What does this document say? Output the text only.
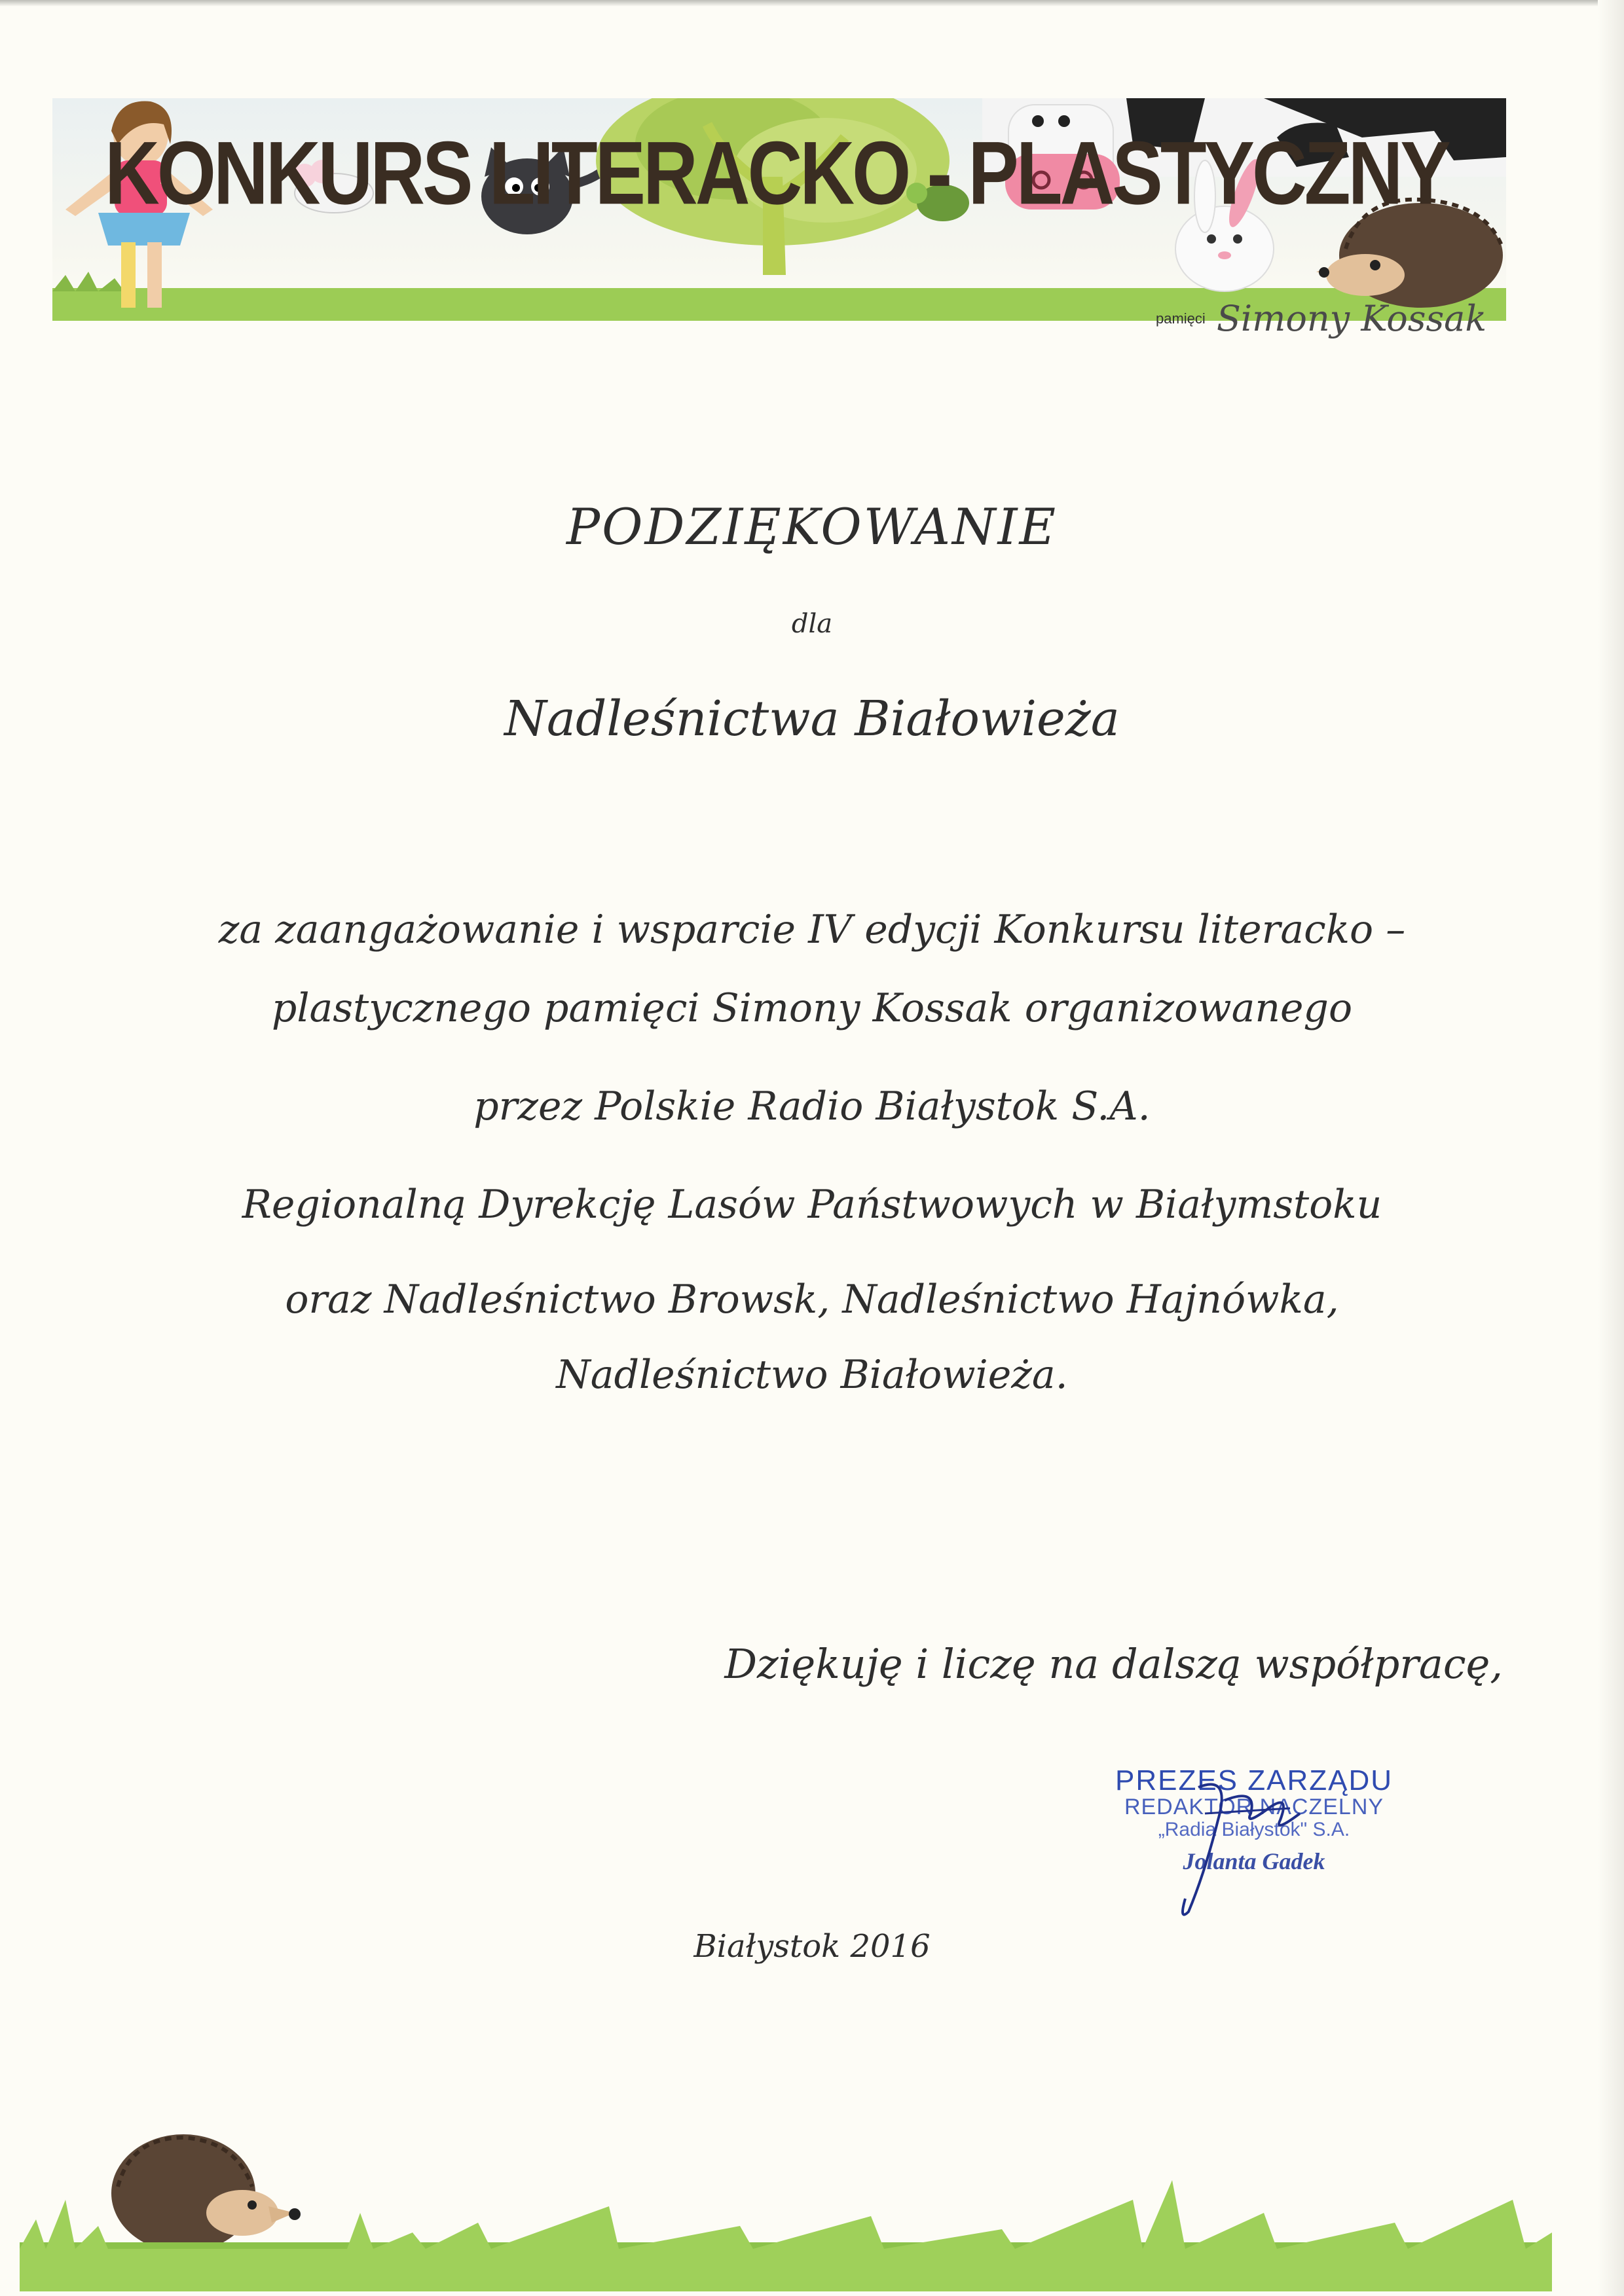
KONKURS LITERACKO - PLASTYCZNY
pamięci Simony Kossak
PODZIĘKOWANIE
dla
Nadleśnictwa Białowieża
za zaangażowanie i wsparcie IV edycji Konkursu literacko –
plastycznego pamięci Simony Kossak organizowanego
przez Polskie Radio Białystok S.A.
Regionalną Dyrekcję Lasów Państwowych w Białymstoku
oraz Nadleśnictwo Browsk, Nadleśnictwo Hajnówka,
Nadleśnictwo Białowieża.
Dziękuję i liczę na dalszą współpracę,
PREZES ZARZĄDU
REDAKTOR NACZELNY
„Radia Białystok" S.A.
Jolanta Gadek
Białystok 2016
